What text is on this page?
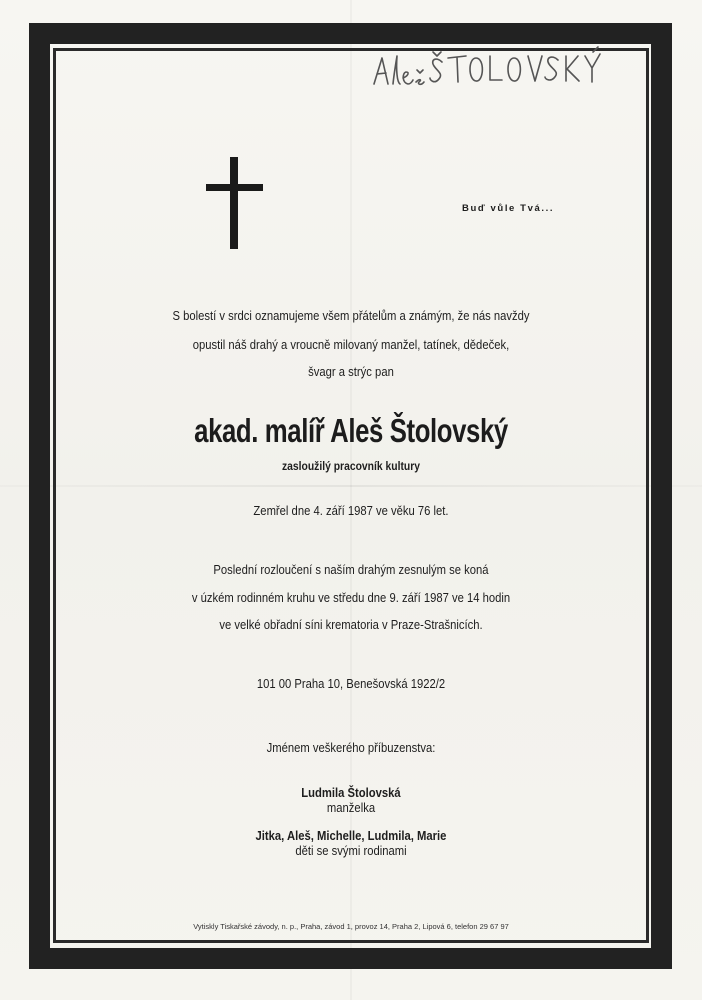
Buď vůle Tvá...
S bolestí v srdci oznamujeme všem přátelům a známým, že nás navždy
opustil náš drahý a vroucně milovaný manžel, tatínek, dědeček,
švagr a strýc pan
akad. malíř Aleš Štolovský
zasloužilý pracovník kultury
Zemřel dne 4. září 1987 ve věku 76 let.
Poslední rozloučení s naším drahým zesnulým se koná
v úzkém rodinném kruhu ve středu dne 9. září 1987 ve 14 hodin
ve velké obřadní síni krematoria v Praze-Strašnicích.
101 00 Praha 10, Benešovská 1922/2
Jménem veškerého příbuzenstva:
Ludmila Štolovská
manželka
Jitka, Aleš, Michelle, Ludmila, Marie
děti se svými rodinami
Vytiskly Tiskařské závody, n. p., Praha, závod 1, provoz 14, Praha 2, Lipová 6, telefon 29 67 97
